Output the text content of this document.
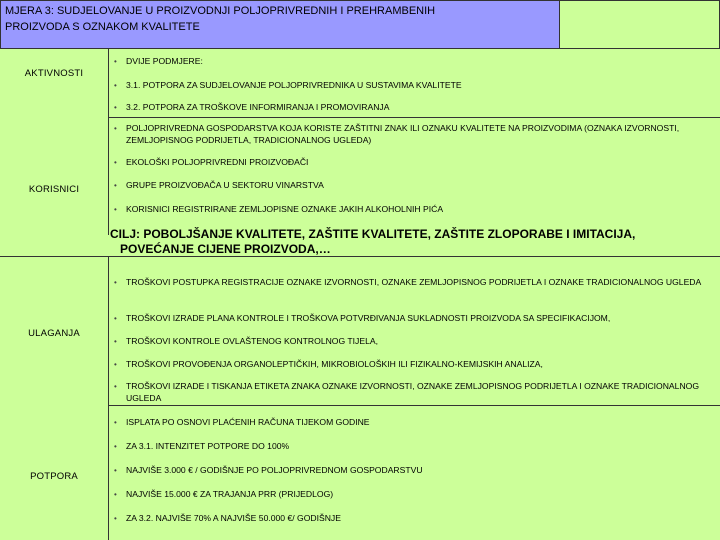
MJERA 3: SUDJELOVANJE U PROIZVODNJI POLJOPRIVREDNIH I PREHRAMBENIH
PROIZVODA S OZNAKOM KVALITETE
AKTIVNOSTI
• DVIJE PODMJERE:
• 3.1. POTPORA ZA SUDJELOVANJE POLJOPRIVREDNIKA U SUSTAVIMA KVALITETE
• 3.2. POTPORA ZA TROŠKOVE INFORMIRANJA I PROMOVIRANJA
KORISNICI
• POLJOPRIVREDNA GOSPODARSTVA KOJA KORISTE ZAŠTITNI ZNAK ILI OZNAKU KVALITETE NA PROIZVODIMA (OZNAKA IZVORNOSTI, ZEMLJOPISNOG PODRIJETLA, TRADICIONALNOG UGLEDA)
• EKOLOŠKI POLJOPRIVREDNI PROIZVOĐAČI
• GRUPE PROIZVOĐAČA U SEKTORU VINARSTVA
• KORISNICI REGISTRIRANE ZEMLJOPISNE OZNAKE JAKIH ALKOHOLNIH PIĆA
CILJ: POBOLJŠANJE KVALITETE, ZAŠTITE KVALITETE, ZAŠTITE ZLOPORABE I IMITACIJA,
POVEĆANJE CIJENE PROIZVODA,…
ULAGANJA
• TROŠKOVI POSTUPKA REGISTRACIJE OZNAKE IZVORNOSTI, OZNAKE ZEMLJOPISNOG PODRIJETLA I OZNAKE TRADICIONALNOG UGLEDA
• TROŠKOVI IZRADE PLANA KONTROLE I TROŠKOVA POTVRĐIVANJA SUKLADNOSTI PROIZVODA SA SPECIFIKACIJOM,
• TROŠKOVI KONTROLE OVLAŠTENOG KONTROLNOG TIJELA,
• TROŠKOVI PROVOĐENJA ORGANOLEPTIČKIH, MIKROBIOLOŠKIH ILI FIZIKALNO-KEMIJSKIH ANALIZA,
• TROŠKOVI IZRADE I TISKANJA ETIKETA ZNAKA OZNAKE IZVORNOSTI, OZNAKE ZEMLJOPISNOG PODRIJETLA I OZNAKE TRADICIONALNOG UGLEDA
POTPORA
• ISPLATA PO OSNOVI PLAĆENIH RAČUNA TIJEKOM GODINE
• ZA 3.1. INTENZITET POTPORE DO 100%
• NAJVIŠE 3.000 € / GODIŠNJE PO POLJOPRIVREDNOM GOSPODARSTVU
• NAJVIŠE 15.000 € ZA TRAJANJA PRR (PRIJEDLOG)
• ZA 3.2. NAJVIŠE 70% A NAJVIŠE 50.000 €/ GODIŠNJE
